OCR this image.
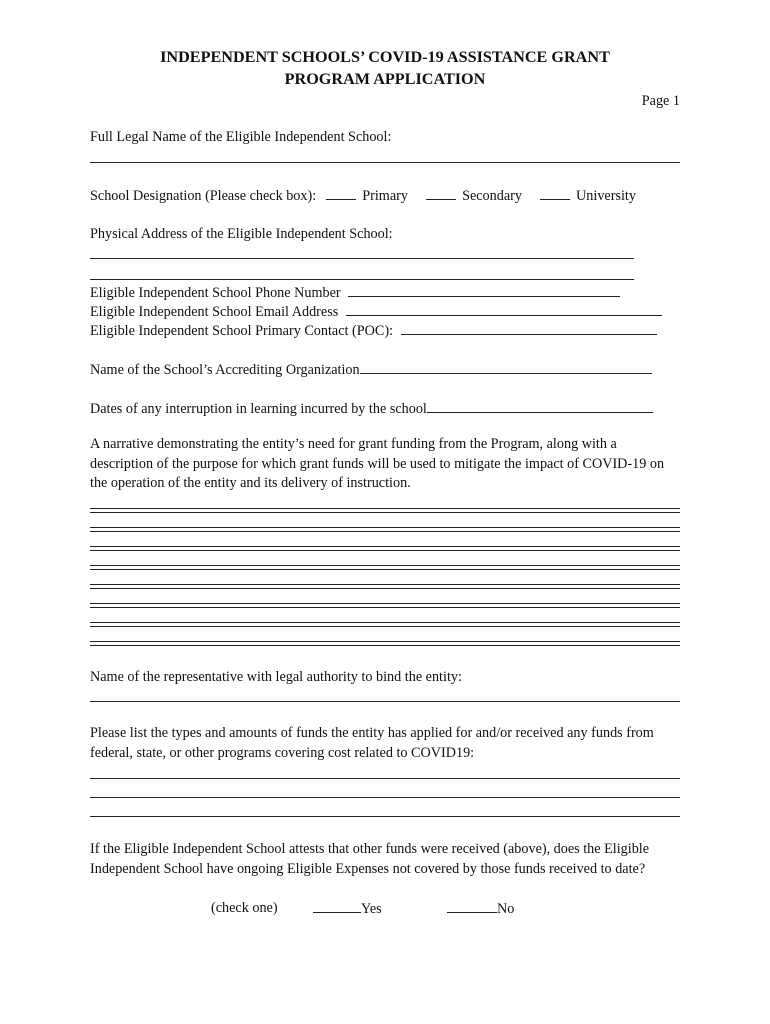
INDEPENDENT SCHOOLS’ COVID-19 ASSISTANCE GRANT
PROGRAM APPLICATION
Page 1
Full Legal Name of the Eligible Independent School:
School Designation (Please check box):	Primary	Secondary	University
Physical Address of the Eligible Independent School:
Eligible Independent School Phone Number
Eligible Independent School Email Address
Eligible Independent School Primary Contact (POC):
Name of the School’s Accrediting Organization
Dates of any interruption in learning incurred by the school
A narrative demonstrating the entity’s need for grant funding from the Program, along with a description of the purpose for which grant funds will be used to mitigate the impact of COVID-19 on the operation of the entity and its delivery of instruction.
Name of the representative with legal authority to bind the entity:
Please list the types and amounts of funds the entity has applied for and/or received any funds from federal, state, or other programs covering cost related to COVID19:
If the Eligible Independent School attests that other funds were received (above), does the Eligible Independent School have ongoing Eligible Expenses not covered by those funds received to date?
(check one)	Yes	No
